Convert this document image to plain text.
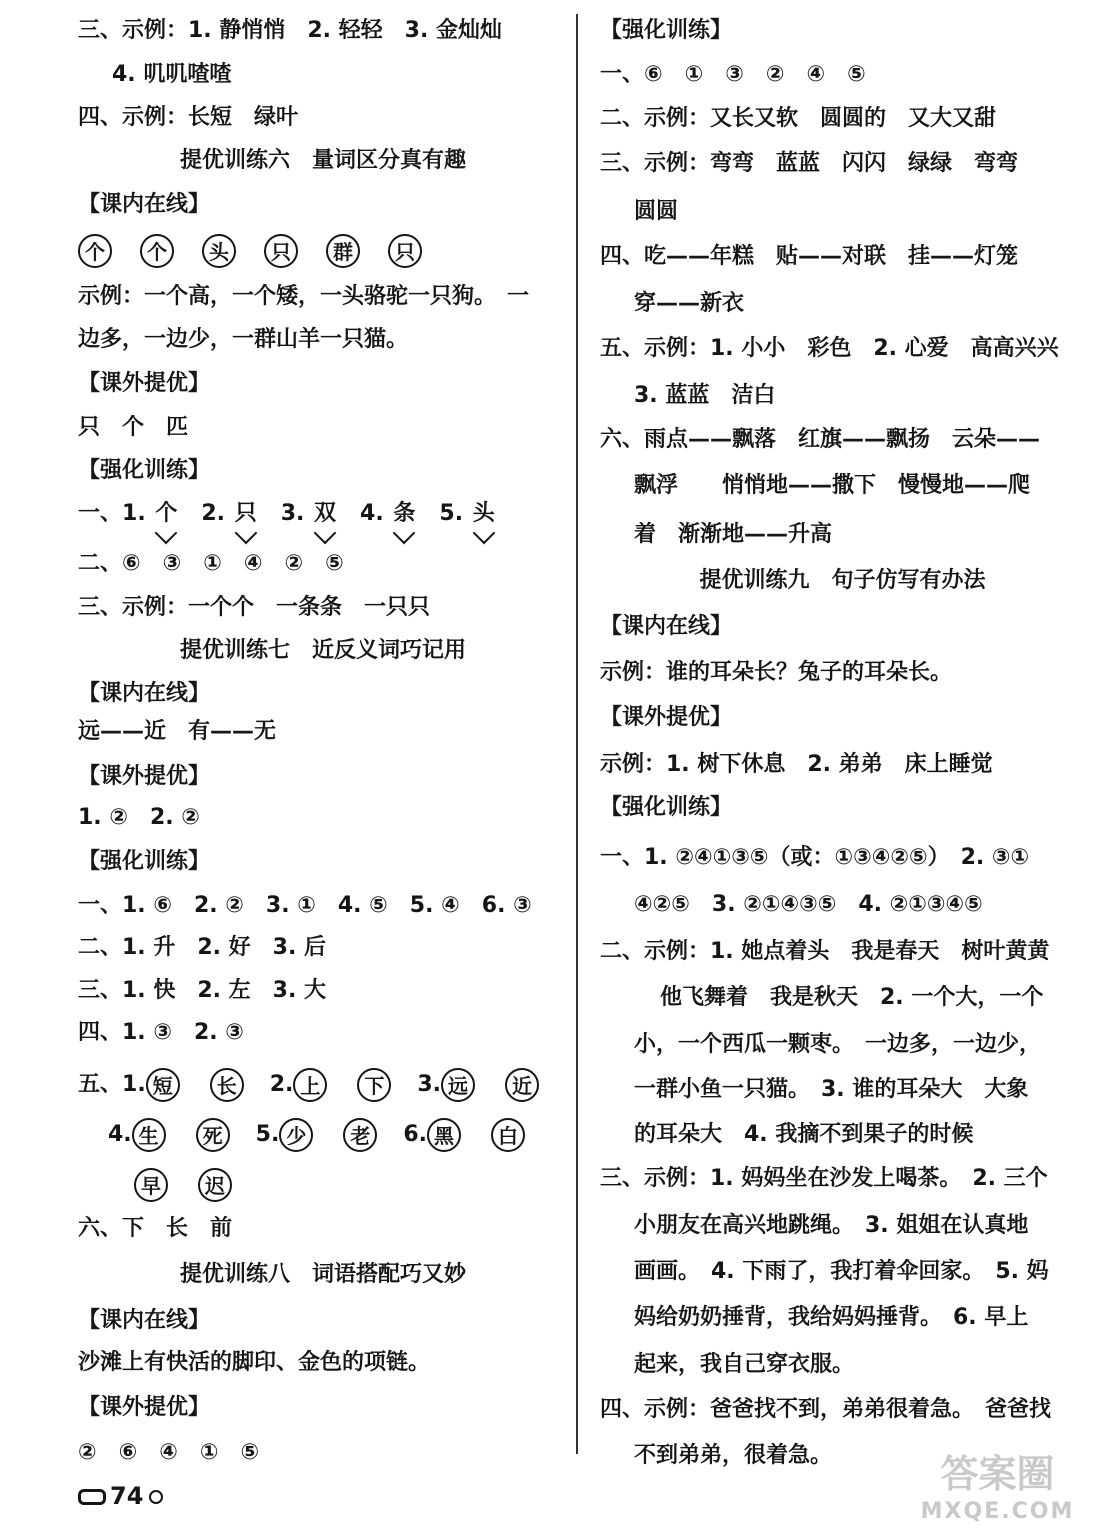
三、示例：1. 静悄悄　2. 轻轻　3. 金灿灿
4. 叽叽喳喳
四、示例：长短　绿叶
提优训练六　量词区分真有趣
【课内在线】
个 个 头 只 群 只
示例：一个高，一个矮，一头骆驼一只狗。　一
边多，一边少，一群山羊一只猫。
【课外提优】
只　个　匹
【强化训练】
一、1. 个 2. 只 3. 双 4. 条 5. 头
二、⑥　③　①　④　②　⑤
三、示例：一个个　一条条　一只只
提优训练七　近反义词巧记用
【课内在线】
远——近　有——无
【课外提优】
1. ②　2. ②
【强化训练】
一、1. ⑥　2. ②　3. ①　4. ⑤　5. ④　6. ③
二、1. 升　2. 好　3. 后
三、1. 快　2. 左　3. 大
四、1. ③　2. ③
五、1. 短 长 2. 上 下 3. 远 近
4. 生 死 5. 少 老 6. 黑 白
早 迟
六、下　长　前
提优训练八　词语搭配巧又妙
【课内在线】
沙滩上有快活的脚印、金色的项链。
【课外提优】
②　⑥　④　①　⑤
【强化训练】
一、⑥　①　③　②　④　⑤
二、示例：又长又软　圆圆的　又大又甜
三、示例：弯弯　蓝蓝　闪闪　绿绿　弯弯
圆圆
四、吃——年糕　贴——对联　挂——灯笼
穿——新衣
五、示例：1. 小小　彩色　2. 心爱　高高兴兴
3. 蓝蓝　洁白
六、雨点——飘落　红旗——飘扬　云朵——
飘浮　　悄悄地——撒下　慢慢地——爬
着　渐渐地——升高
提优训练九　句子仿写有办法
【课内在线】
示例：谁的耳朵长？兔子的耳朵长。
【课外提优】
示例：1. 树下休息　2. 弟弟　床上睡觉
【强化训练】
一、1. ②④①③⑤（或：①③④②⑤）　2. ③①
④②⑤　3. ②①④③⑤　4. ②①③④⑤
二、示例：1. 她点着头　我是春天　树叶黄黄
他飞舞着　我是秋天　2. 一个大，一个
小，一个西瓜一颗枣。　一边多，一边少，
一群小鱼一只猫。　3. 谁的耳朵大　大象
的耳朵大　4. 我摘不到果子的时候
三、示例：1. 妈妈坐在沙发上喝茶。　2. 三个
小朋友在高兴地跳绳。　3. 姐姐在认真地
画画。　4. 下雨了，我打着伞回家。　5. 妈
妈给奶奶捶背，我给妈妈捶背。　6. 早上
起来，我自己穿衣服。
四、示例：爸爸找不到，弟弟很着急。　爸爸找
不到弟弟，很着急。
74	答案圈
MXQE.COM
